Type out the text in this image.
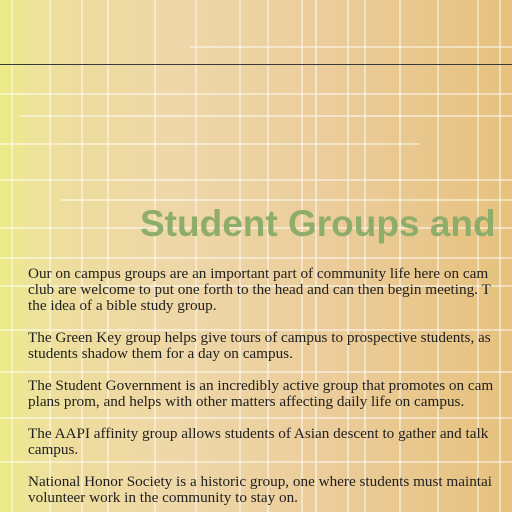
Student Groups and

Our on campus groups are an important part of community life here on cam
club are welcome to put one forth to the head and can then begin meeting. T
the idea of a bible study group.

The Green Key group helps give tours of campus to prospective students, as
students shadow them for a day on campus.

The Student Government is an incredibly active group that promotes on cam
plans prom, and helps with other matters affecting daily life on campus.

The AAPI affinity group allows students of Asian descent to gather and talk
campus.

National Honor Society is a historic group, one where students must maintai
volunteer work in the community to stay on.
